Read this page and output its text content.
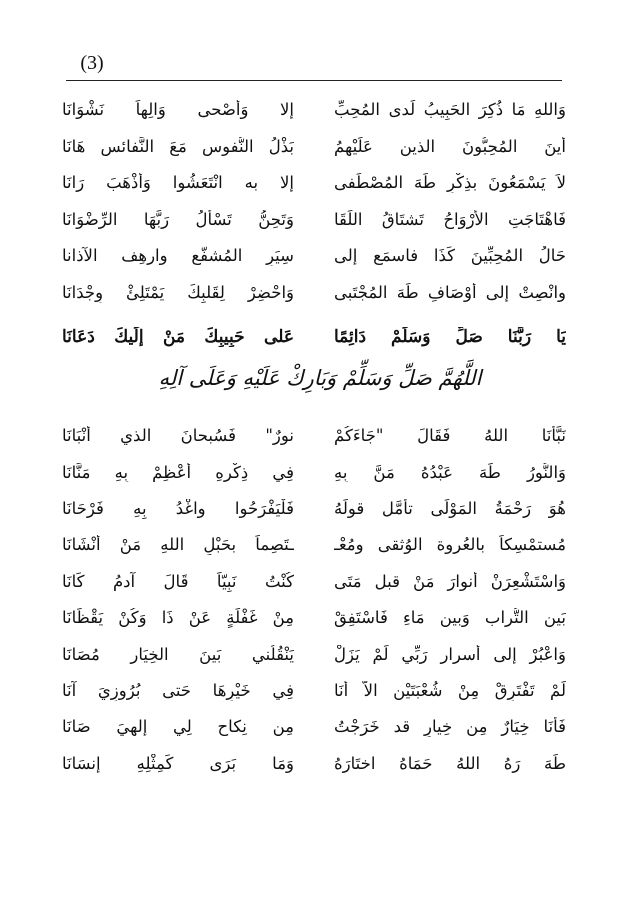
(3)
وَاللهِ مَا ذُكِرَ الحَبِيبُ لَدى المُحِبِّ
إلا وَأَصْحى وَالِهاً نَشْوَانَا
أَينَ المُحِبُّونَ الذين عَلَيْهِمُ
بَذْلُ النُّفوسِ مَعَ النَّفائسِ هَانَا
لاَ يَسْمَعُونَ بذِكْرِ طَهَ المُصْطَفى
إلا به انْتَعَشُوا وَأَذْهَبَ رَانَا
فَاهْتَاجَتِ الأَرْوَاحُ تَشتَاقُ اللِّقَا
وَتَحِنُّ تَسْأَلُ رَبَّهَا الرِّضْوَانَا
حَالُ المُحِبِّينَ كَذَا فاسمَع إلى
سِيَرِ المُشفَّعِ وارهِف الآذانا
وانْصِتْ إلى أَوْصَافِ طَهَ المُجْتَبى
وَاحْضِرْ لِقَلبِكَ يَمْتَلِئْ وِجْدَانَا
يَا رَبَّنَا صَلِّ وَسَلِّمْ دَائِمًا
عَلى حَبِيبِكَ مَنْ إلَيكَ دَعَانَا
اللَّهُمَّ صَلِّ وَسَلِّمْ وَبَارِكْ عَلَيْهِ وَعَلَى آلِهِ
نَبَّأَنَا اللهُ فَقَالَ "جَاءَكُمْ
نورٌ" فَسُبحانَ الذي أَنْبَانَا
وَالنُّورُ طَهَ عَبْدُهُ مَنَّ بِهِ
فِي ذِكْرِهِ أَعْظِمْ بِهِ مَنَّانَا
هُوَ رَحْمَةُ المَوْلَى تأمَّل قولَهُ
فَلْيَفْرَحُوا واغْدُ بِهِ فَرْحَانَا
مُستمْسِكاً بالعُروة الوُثقى ومُعْـ
ـتَصِماً بحَبْلِ اللهِ مَنْ أَنْشَانَا
وَاسْتَشْعِرَنْ أنوارَ مَنْ قبل مَتَى
كُنْتُ نَبِيّاً قَالَ آدمُ كَانَا
بَين التُّراب وَبين مَاءِ فَاسْتَفِقْ
مِنْ غَفْلَةٍ عَنْ ذَا وَكُنْ يَقْظَانَا
وَاعْبُرْ إلى أَسرار رَبِّي لَمْ يَزَلْ
يَنْقُلُني بَينَ الخِيَارِ مُصَانَا
لَمْ تَفْتَرِقْ مِنْ شُعْبَتَيْنِ الاَّ أَنَا
فِي خَيْرِهَا حَتى بُرُوزِيَ آنَا
فَأَنَا خِيَارٌ مِن خِيارٍ قد خَرَجْتُ
مِن نِكاحٍ لِي إلهِيَ صَانَا
طَهَ رَهُ اللهُ حَمَاهُ اختَارَهُ
وَمَا بَرَى كَمِثْلِهِ إنسَانَا
